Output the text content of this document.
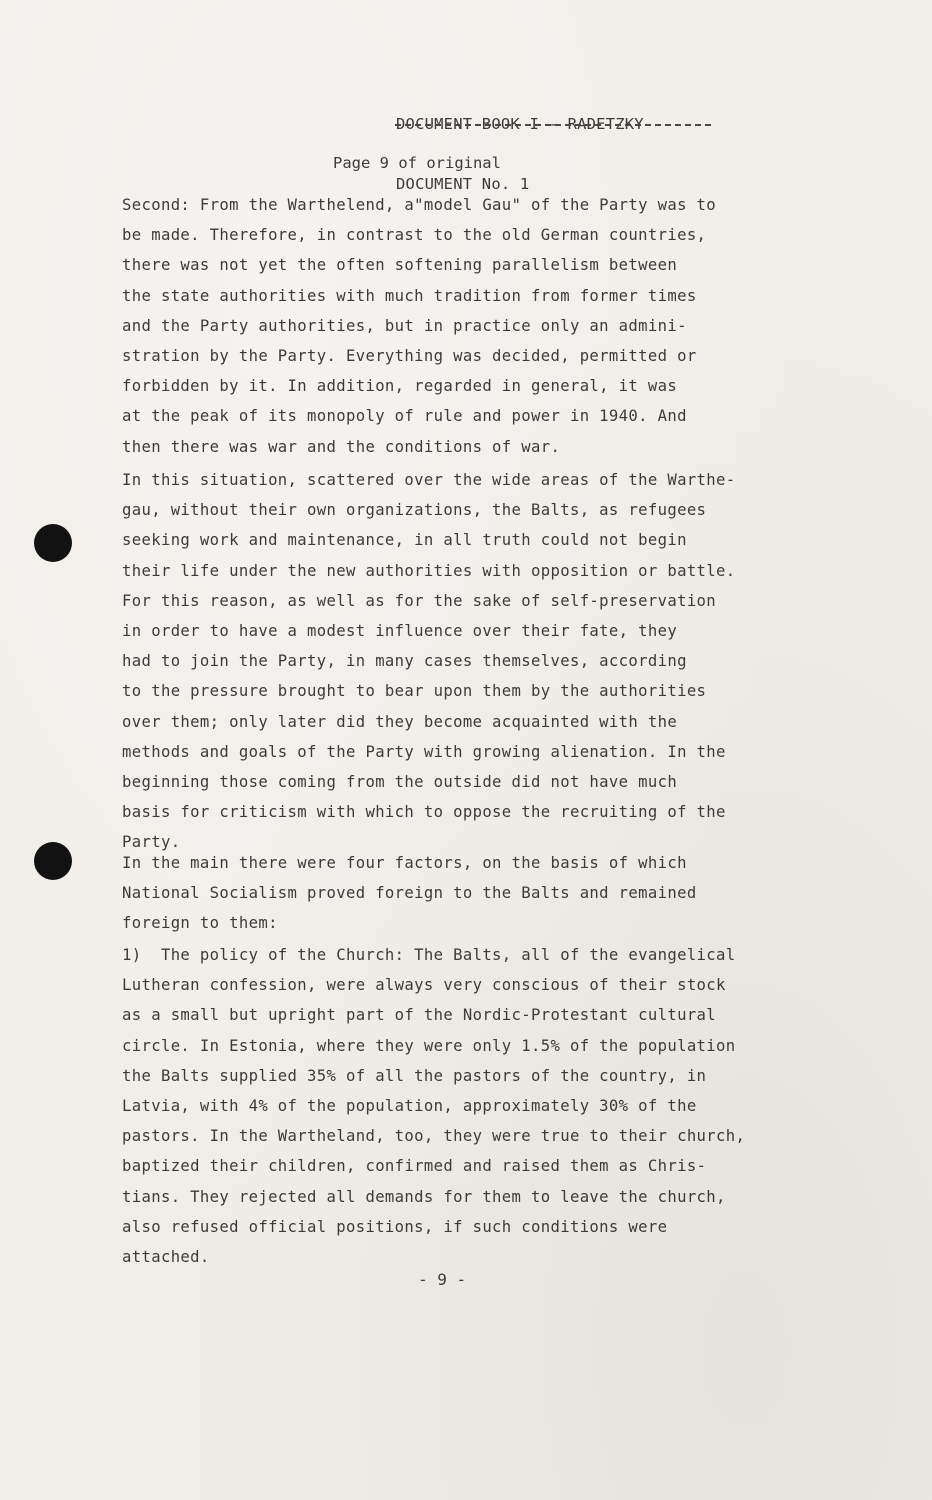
DOCUMENT BOOK I - RADETZKY

DOCUMENT No. 1

Page 9 of original
Second: From the Warthelend, a"model Gau" of the Party was to
be made. Therefore, in contrast to the old German countries,
there was not yet the often softening parallelism between
the state authorities with much tradition from former times
and the Party authorities, but in practice only an admini-
stration by the Party. Everything was decided, permitted or
forbidden by it. In addition, regarded in general, it was
at the peak of its monopoly of rule and power in 1940. And
then there was war and the conditions of war.
In this situation, scattered over the wide areas of the Warthe-
gau, without their own organizations, the Balts, as refugees
seeking work and maintenance, in all truth could not begin
their life under the new authorities with opposition or battle.
For this reason, as well as for the sake of self-preservation
in order to have a modest influence over their fate, they
had to join the Party, in many cases themselves, according
to the pressure brought to bear upon them by the authorities
over them; only later did they become acquainted with the
methods and goals of the Party with growing alienation. In the
beginning those coming from the outside did not have much
basis for criticism with which to oppose the recruiting of the
Party.
In the main there were four factors, on the basis of which
National Socialism proved foreign to the Balts and remained
foreign to them:
1)  The policy of the Church: The Balts, all of the evangelical
Lutheran confession, were always very conscious of their stock
as a small but upright part of the Nordic-Protestant cultural
circle. In Estonia, where they were only 1.5% of the population
the Balts supplied 35% of all the pastors of the country, in
Latvia, with 4% of the population, approximately 30% of the
pastors. In the Wartheland, too, they were true to their church,
baptized their children, confirmed and raised them as Chris-
tians. They rejected all demands for them to leave the church,
also refused official positions, if such conditions were
attached.
- 9 -
